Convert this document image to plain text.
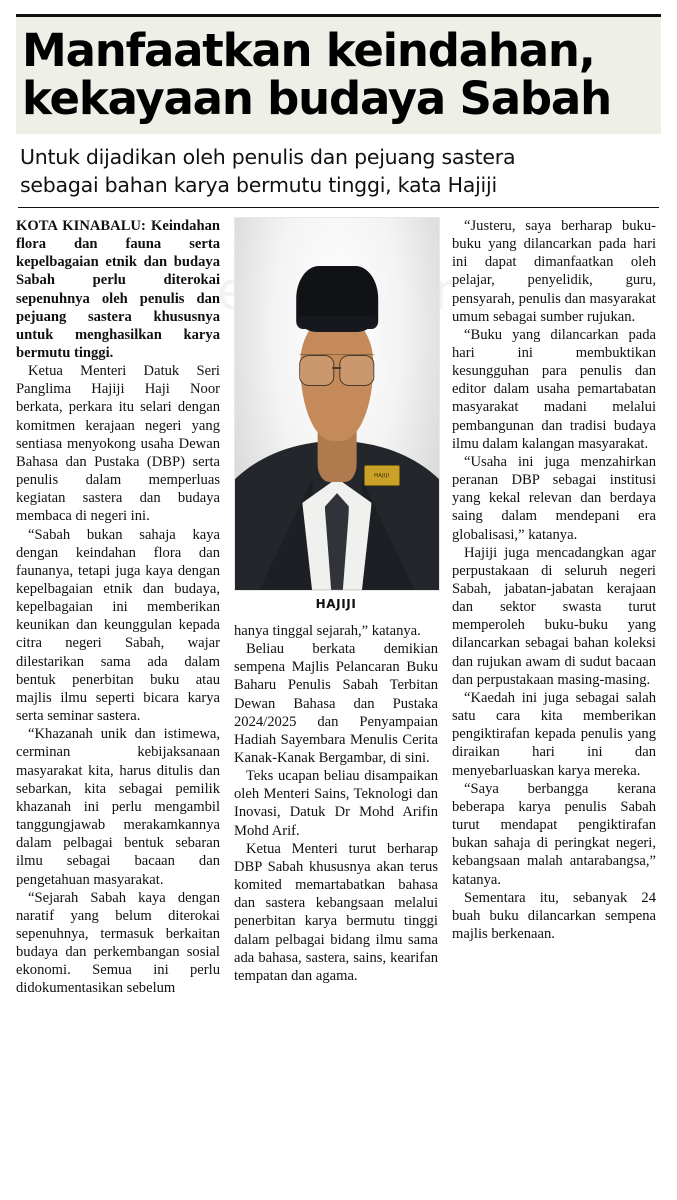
Manfaatkan keindahan,
kekayaan budaya Sabah
Untuk dijadikan oleh penulis dan pejuang sastera
sebagai bahan karya bermutu tinggi, kata Hajiji

KOTA KINABALU: Keindahan flora dan fauna serta kepelbagaian etnik dan budaya Sabah perlu diterokai sepenuhnya oleh penulis dan pejuang sastera khususnya untuk menghasilkan karya bermutu tinggi.

Ketua Menteri Datuk Seri Panglima Hajiji Haji Noor berkata, perkara itu selari dengan komitmen kerajaan negeri yang sentiasa menyokong usaha Dewan Bahasa dan Pustaka (DBP) serta penulis dalam memperluas kegiatan sastera dan budaya membaca di negeri ini.

“Sabah bukan sahaja kaya dengan keindahan flora dan faunanya, tetapi juga kaya dengan kepelbagaian etnik dan budaya, kepelbagaian ini memberikan keunikan dan keunggulan kepada citra negeri Sabah, wajar dilestarikan sama ada dalam bentuk penerbitan buku atau majlis ilmu seperti bicara karya serta seminar sastera.

“Khazanah unik dan istimewa, cerminan kebijaksanaan masyarakat kita, harus ditulis dan sebarkan, kita sebagai pemilik khazanah ini perlu mengambil tanggungjawab merakamkannya dalam pelbagai bentuk sebaran ilmu sebagai bacaan dan pengetahuan masyarakat.

“Sejarah Sabah kaya dengan naratif yang belum diterokai sepenuhnya, termasuk berkaitan budaya dan perkembangan sosial ekonomi. Semua ini perlu didokumentasikan sebelum

HAJIJI
HAJIJI

hanya tinggal sejarah,” katanya.

Beliau berkata demikian sempena Majlis Pelancaran Buku Baharu Penulis Sabah Terbitan Dewan Bahasa dan Pustaka 2024/2025 dan Penyampaian Hadiah Sayembara Menulis Cerita Kanak-Kanak Bergambar, di sini.

Teks ucapan beliau disampaikan oleh Menteri Sains, Teknologi dan Inovasi, Datuk Dr Mohd Arifin Mohd Arif.

Ketua Menteri turut berharap DBP Sabah khususnya akan terus komited memartabatkan bahasa dan sastera kebangsaan melalui penerbitan karya bermutu tinggi dalam pelbagai bidang ilmu sama ada bahasa, sastera, sains, kearifan tempatan dan agama.

“Justeru, saya berharap buku-buku yang dilancarkan pada hari ini dapat dimanfaatkan oleh pelajar, penyelidik, guru, pensyarah, penulis dan masyarakat umum sebagai sumber rujukan.

“Buku yang dilancarkan pada hari ini membuktikan kesungguhan para penulis dan editor dalam usaha pemartabatan masyarakat madani melalui pembangunan dan tradisi budaya ilmu dalam kalangan masyarakat.

“Usaha ini juga menzahirkan peranan DBP sebagai institusi yang kekal relevan dan berdaya saing dalam mendepani era globalisasi,” katanya.

Hajiji juga mencadangkan agar perpustakaan di seluruh negeri Sabah, jabatan-jabatan kerajaan dan sektor swasta turut memperoleh buku-buku yang dilancarkan sebagai bahan koleksi dan rujukan awam di sudut bacaan dan perpustakaan masing-masing.

“Kaedah ini juga sebagai salah satu cara kita memberikan pengiktirafan kepada penulis yang diraikan hari ini dan menyebarluaskan karya mereka.

“Saya berbangga kerana beberapa karya penulis Sabah turut mendapat pengiktirafan bukan sahaja di peringkat negeri, kebangsaan malah antarabangsa,” katanya.

Sementara itu, sebanyak 24 buah buku dilancarkan sempena majlis berkenaan.
